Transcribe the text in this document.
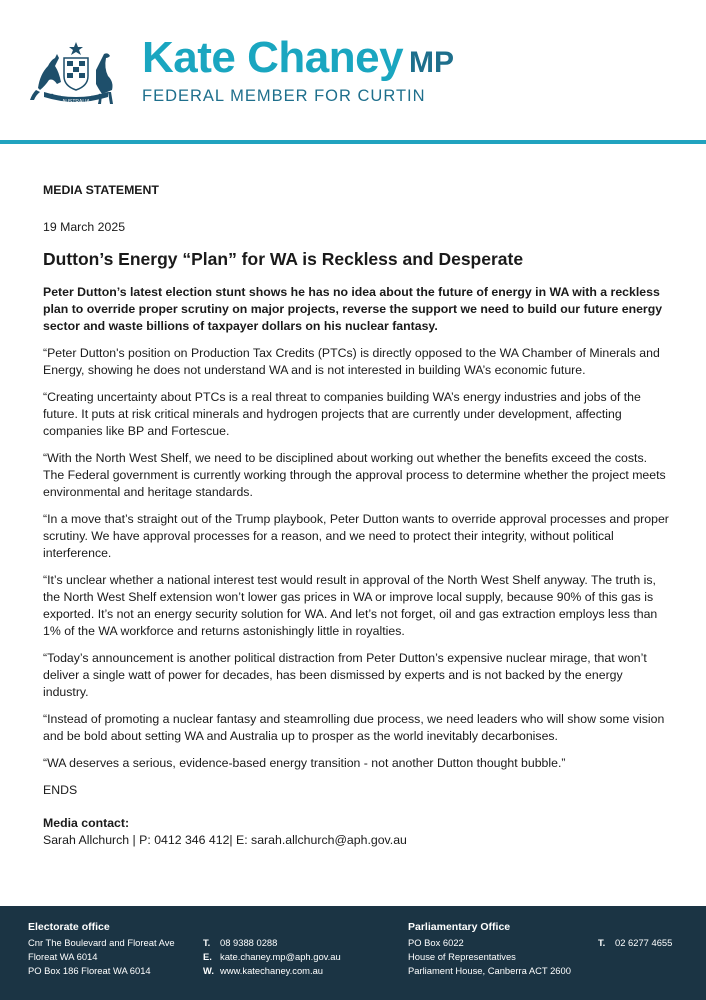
AUSTRALIA
Kate Chaney MP
FEDERAL MEMBER FOR CURTIN

MEDIA STATEMENT

19 March 2025

Dutton’s Energy “Plan” for WA is Reckless and Desperate

Peter Dutton’s latest election stunt shows he has no idea about the future of energy in WA with a reckless plan to override proper scrutiny on major projects, reverse the support we need to build our future energy sector and waste billions of taxpayer dollars on his nuclear fantasy.

“Peter Dutton's position on Production Tax Credits (PTCs) is directly opposed to the WA Chamber of Minerals and Energy, showing he does not understand WA and is not interested in building WA’s economic future.

“Creating uncertainty about PTCs is a real threat to companies building WA’s energy industries and jobs of the future. It puts at risk critical minerals and hydrogen projects that are currently under development, affecting companies like BP and Fortescue.

“With the North West Shelf, we need to be disciplined about working out whether the benefits exceed the costs. The Federal government is currently working through the approval process to determine whether the project meets environmental and heritage standards.

“In a move that’s straight out of the Trump playbook, Peter Dutton wants to override approval processes and proper scrutiny. We have approval processes for a reason, and we need to protect their integrity, without political interference.

“It’s unclear whether a national interest test would result in approval of the North West Shelf anyway. The truth is, the North West Shelf extension won’t lower gas prices in WA or improve local supply, because 90% of this gas is exported. It’s not an energy security solution for WA. And let’s not forget, oil and gas extraction employs less than 1% of the WA workforce and returns astonishingly little in royalties.

“Today’s announcement is another political distraction from Peter Dutton’s expensive nuclear mirage, that won’t deliver a single watt of power for decades, has been dismissed by experts and is not backed by the energy industry.

“Instead of promoting a nuclear fantasy and steamrolling due process, we need leaders who will show some vision and be bold about setting WA and Australia up to prosper as the world inevitably decarbonises.

“WA deserves a serious, evidence-based energy transition - not another Dutton thought bubble.”

ENDS

Media contact:

Sarah Allchurch | P: 0412 346 412| E: sarah.allchurch@aph.gov.au

Electorate office
Cnr The Boulevard and Floreat Ave
Floreat WA 6014
PO Box 186 Floreat WA 6014
T. 08 9388 0288
E. kate.chaney.mp@aph.gov.au
W. www.katechaney.com.au
Parliamentary Office
PO Box 6022
House of Representatives
Parliament House, Canberra ACT 2600
T. 02 6277 4655
